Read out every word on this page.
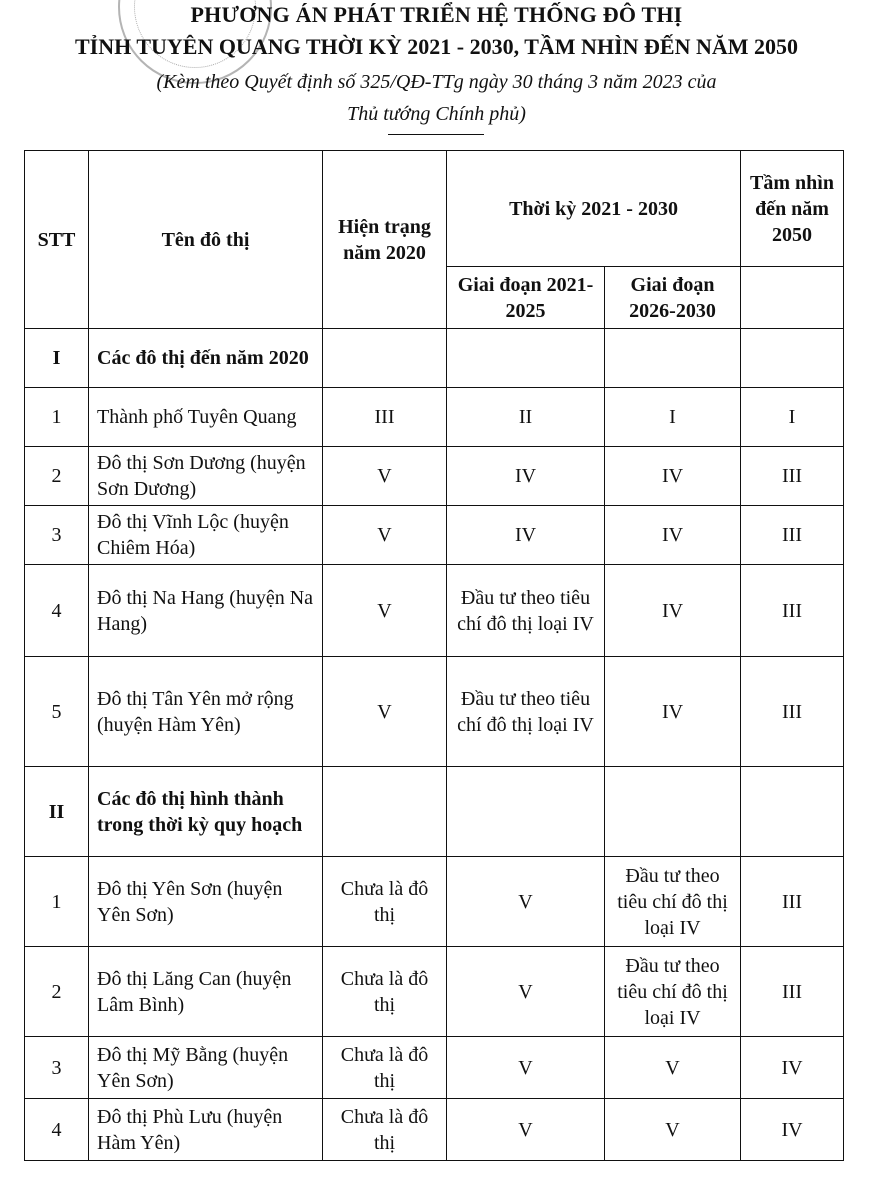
PHƯƠNG ÁN PHÁT TRIỂN HỆ THỐNG ĐÔ THỊ
TỈNH TUYÊN QUANG THỜI KỲ 2021 - 2030, TẦM NHÌN ĐẾN NĂM 2050
(Kèm theo Quyết định số 325/QĐ-TTg ngày 30 tháng 3 năm 2023 của
Thủ tướng Chính phủ)
STT	Tên đô thị	Hiện trạng năm 2020	Thời kỳ 2021 - 2030		Tầm nhìn đến năm 2050
			Giai đoạn 2021-2025	Giai đoạn 2026-2030	
I	Các đô thị đến năm 2020				
1	Thành phố Tuyên Quang	III	II	I	I
2	Đô thị Sơn Dương (huyện Sơn Dương)	V	IV	IV	III
3	Đô thị Vĩnh Lộc (huyện Chiêm Hóa)	V	IV	IV	III
4	Đô thị Na Hang (huyện Na Hang)	V	Đầu tư theo tiêu chí đô thị loại IV	IV	III
5	Đô thị Tân Yên mở rộng (huyện Hàm Yên)	V	Đầu tư theo tiêu chí đô thị loại IV	IV	III
II	Các đô thị hình thành trong thời kỳ quy hoạch				
1	Đô thị Yên Sơn (huyện Yên Sơn)	Chưa là đô thị	V	Đầu tư theo tiêu chí đô thị loại IV	III
2	Đô thị Lăng Can (huyện Lâm Bình)	Chưa là đô thị	V	Đầu tư theo tiêu chí đô thị loại IV	III
3	Đô thị Mỹ Bằng (huyện Yên Sơn)	Chưa là đô thị	V	V	IV
4	Đô thị Phù Lưu (huyện Hàm Yên)	Chưa là đô thị	V	V	IV
